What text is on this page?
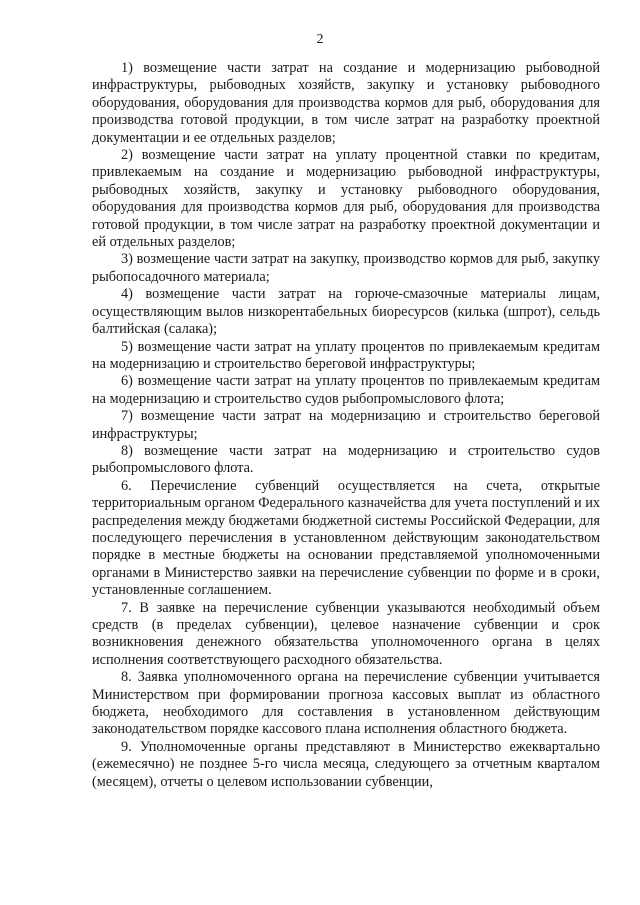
2

1) возмещение части затрат на создание и модернизацию рыбоводной инфраструктуры, рыбоводных хозяйств, закупку и установку рыбоводного оборудования, оборудования для производства кормов для рыб, оборудования для производства готовой продукции, в том числе затрат на разработку проектной документации и ее отдельных разделов;

2) возмещение части затрат на уплату процентной ставки по кредитам, привлекаемым на создание и модернизацию рыбоводной инфраструктуры, рыбоводных хозяйств, закупку и установку рыбоводного оборудования, оборудования для производства кормов для рыб, оборудования для производства готовой продукции, в том числе затрат на разработку проектной документации и ей отдельных разделов;

3) возмещение части затрат на закупку, производство кормов для рыб, закупку рыбопосадочного материала;

4) возмещение части затрат на горюче-смазочные материалы лицам, осуществляющим вылов низкорентабельных биоресурсов (килька (шпрот), сельдь балтийская (салака);

5) возмещение части затрат на уплату процентов по привлекаемым кредитам на модернизацию и строительство береговой инфраструктуры;

6) возмещение части затрат на уплату процентов по привлекаемым кредитам на модернизацию и строительство судов рыбопромыслового флота;

7) возмещение части затрат на модернизацию и строительство береговой инфраструктуры;

8) возмещение части затрат на модернизацию и строительство судов рыбопромыслового флота.

6. Перечисление субвенций осуществляется на счета, открытые территориальным органом Федерального казначейства для учета поступлений и их распределения между бюджетами бюджетной системы Российской Федерации, для последующего перечисления в установленном действующим законодательством порядке в местные бюджеты на основании представляемой уполномоченными органами в Министерство заявки на перечисление субвенции по форме и в сроки, установленные соглашением.

7. В заявке на перечисление субвенции указываются необходимый объем средств (в пределах субвенции), целевое назначение субвенции и срок возникновения денежного обязательства уполномоченного органа в целях исполнения соответствующего расходного обязательства.

8. Заявка уполномоченного органа на перечисление субвенции учитывается Министерством при формировании прогноза кассовых выплат из областного бюджета, необходимого для составления в установленном действующим законодательством порядке кассового плана исполнения областного бюджета.

9. Уполномоченные органы представляют в Министерство ежеквартально (ежемесячно) не позднее 5-го числа месяца, следующего за отчетным кварталом (месяцем), отчеты о целевом использовании субвенции,
